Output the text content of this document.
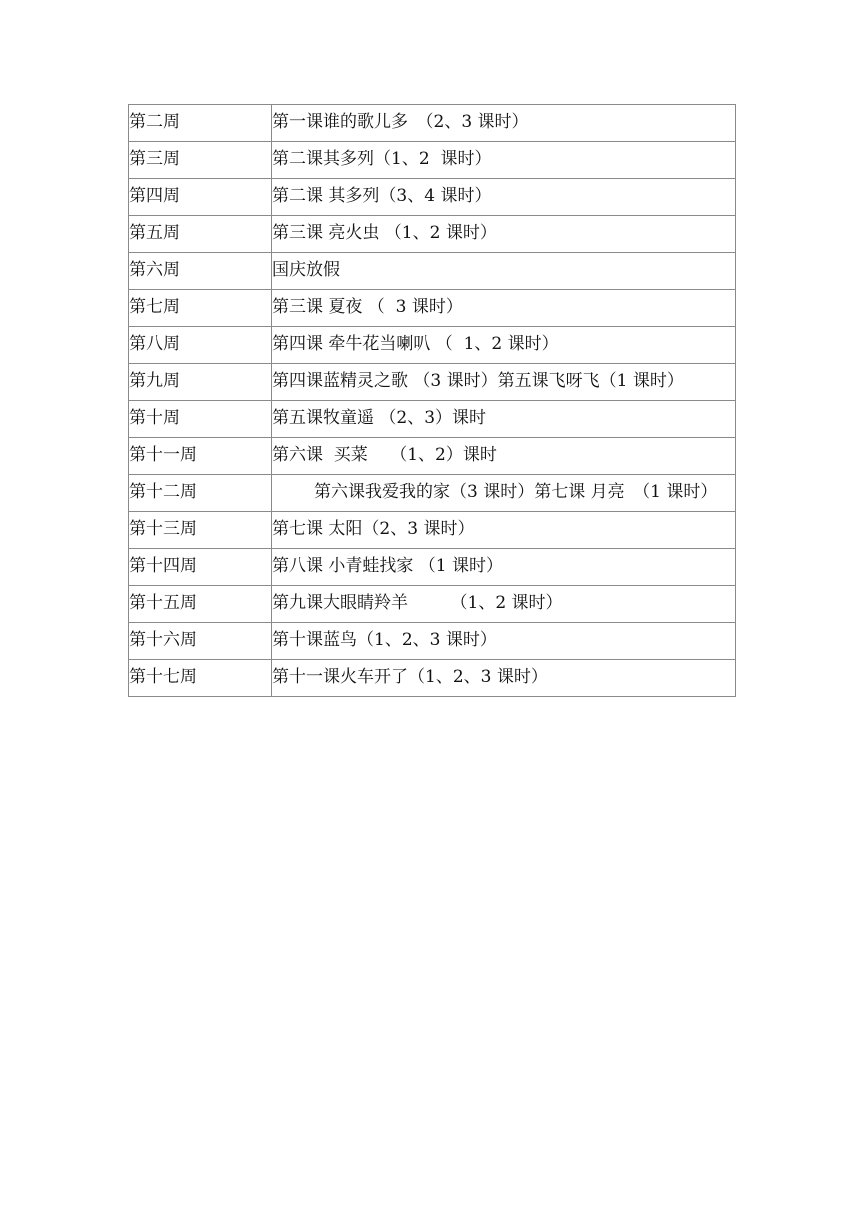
第二周	第一课谁的歌儿多　（2、3 课时）
第三周	第二课其多列（1、2  课时）
第四周	第二课 其多列（3、4 课时）
第五周	第三课 亮火虫 （1、2 课时）
第六周	国庆放假
第七周	第三课 夏夜 （  3 课时）
第八周	第四课 牵牛花当喇叭 （  1、2 课时）
第九周	第四课蓝精灵之歌 （3 课时）第五课飞呀飞（1 课时）
第十周	第五课牧童遥 （2、3）课时
第十一周	第六课  买菜　 （1、2）课时
第十二周	第六课我爱我的家（3 课时）第七课 月亮　（1 课时）
第十三周	第七课 太阳（2、3 课时）
第十四周	第八课 小青蛙找家 （1 课时）
第十五周	第九课大眼睛羚羊　　　（1、2 课时）
第十六周	第十课蓝鸟（1、2、3 课时）
第十七周	第十一课火车开了（1、2、3 课时）
